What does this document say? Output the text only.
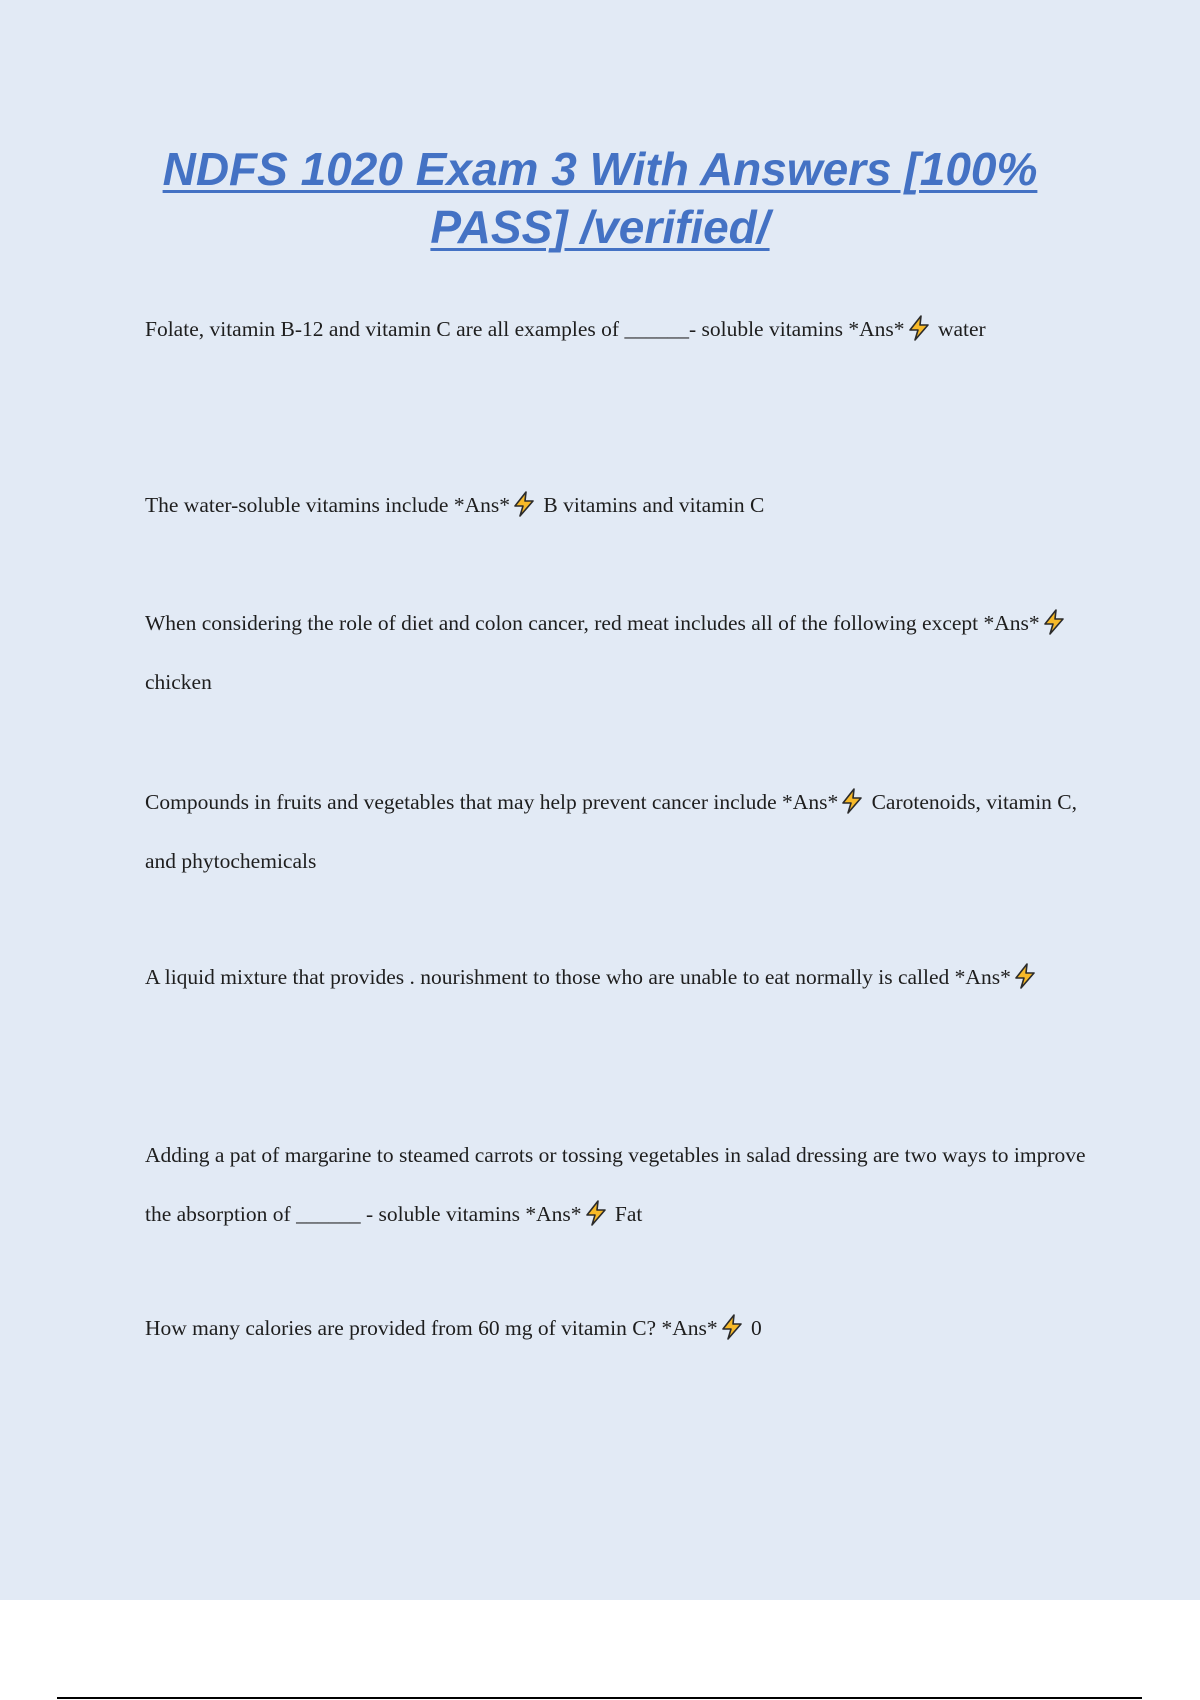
NDFS 1020 Exam 3 With Answers [100% PASS] /verified/

Folate, vitamin B-12 and vitamin C are all examples of ______- soluble vitamins *Ans* water

The water-soluble vitamins include *Ans* B vitamins and vitamin C

When considering the role of diet and colon cancer, red meat includes all of the following except *Ans* chicken

Compounds in fruits and vegetables that may help prevent cancer include *Ans* Carotenoids, vitamin C, and phytochemicals

A liquid mixture that provides . nourishment to those who are unable to eat normally is called *Ans*

Adding a pat of margarine to steamed carrots or tossing vegetables in salad dressing are two ways to improve the absorption of ______ - soluble vitamins *Ans* Fat

How many calories are provided from 60 mg of vitamin C? *Ans* 0
